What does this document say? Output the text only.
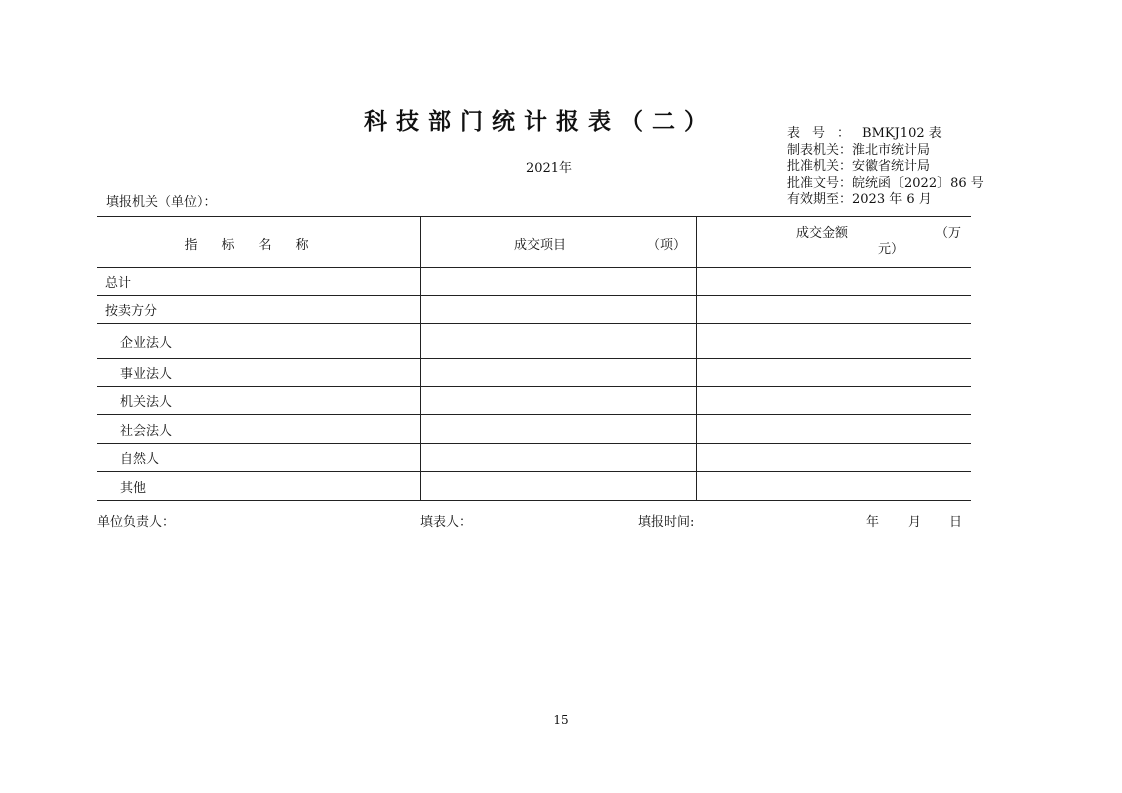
科技部门统计报表（二）
2021年
表号：BMKJ102 表
制表机关：淮北市统计局
批准机关：安徽省统计局
批准文号：皖统函〔2022〕86 号
有效期至：2023 年 6 月
填报机关（单位）：
指标名称	成交项目 （项）	成交金额 （万
元）

总计		
按卖方分		
企业法人		
事业法人		
机关法人		
社会法人		
自然人		
其他		
单位负责人：	填表人：	填报时间:	年 月 日
15
